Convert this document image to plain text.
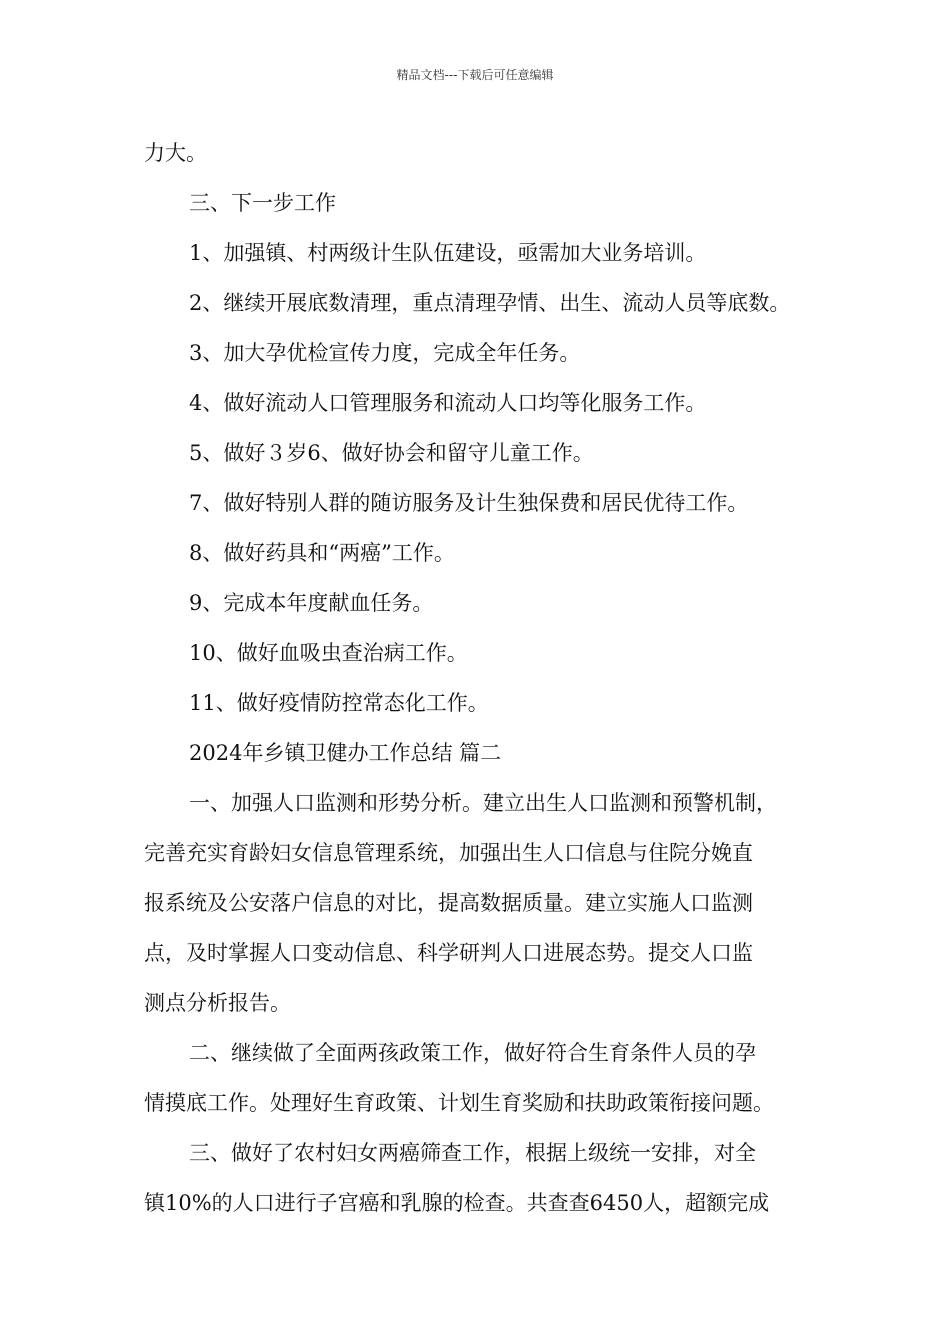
精品文档---下载后可任意编辑
力大。
三、下一步工作
1、加强镇、村两级计生队伍建设，亟需加大业务培训。
2、继续开展底数清理，重点清理孕情、出生、流动人员等底数。
3、加大孕优检宣传力度，完成全年任务。
4、做好流动人口管理服务和流动人口均等化服务工作。
5、做好３岁6、做好协会和留守儿童工作。
7、做好特别人群的随访服务及计生独保费和居民优待工作。
8、做好药具和“两癌”工作。
9、完成本年度献血任务。
10、做好血吸虫查治病工作。
11、做好疫情防控常态化工作。
2024年乡镇卫健办工作总结 篇二
一、加强人口监测和形势分析。建立出生人口监测和预警机制，
完善充实育龄妇女信息管理系统，加强出生人口信息与住院分娩直
报系统及公安落户信息的对比，提高数据质量。建立实施人口监测
点，及时掌握人口变动信息、科学研判人口进展态势。提交人口监
测点分析报告。
二、继续做了全面两孩政策工作，做好符合生育条件人员的孕
情摸底工作。处理好生育政策、计划生育奖励和扶助政策衔接问题。
三、做好了农村妇女两癌筛查工作，根据上级统一安排，对全
镇10%的人口进行子宫癌和乳腺的检查。共查查6450人，超额完成
